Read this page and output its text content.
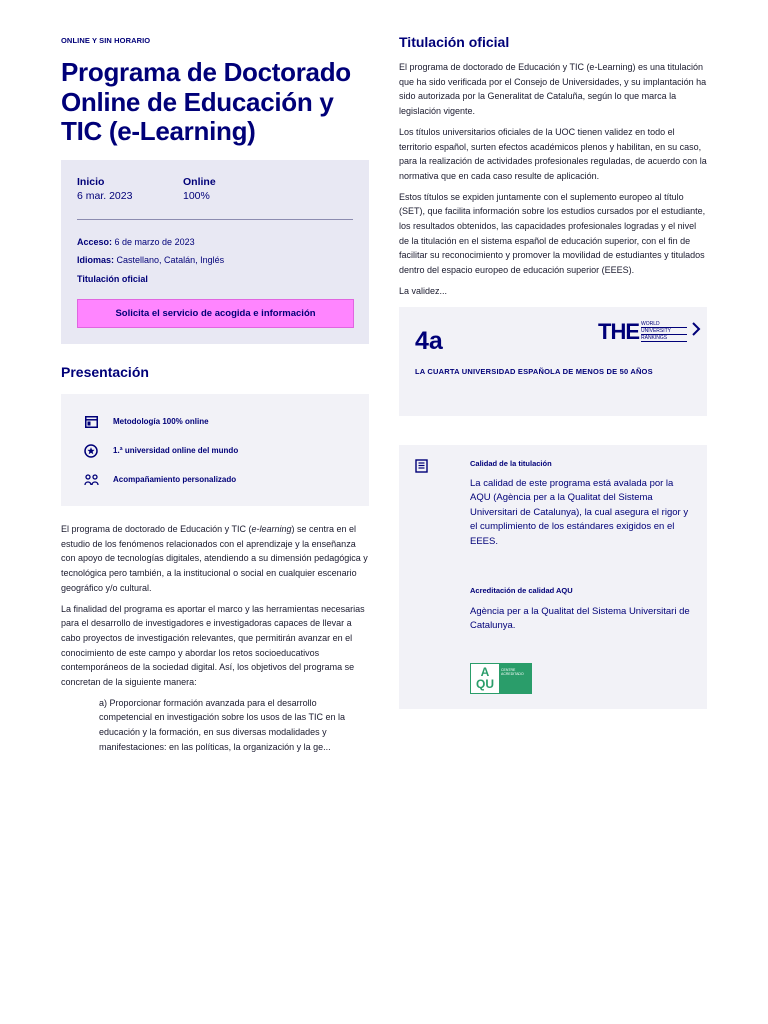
ONLINE Y SIN HORARIO
Programa de Doctorado Online de Educación y TIC (e-Learning)
Inicio
6 mar. 2023
Online
100%
Acceso: 6 de marzo de 2023
Idiomas: Castellano, Catalán, Inglés
Titulación oficial
Solicita el servicio de acogida e información
Presentación
Metodología 100% online
1.ª universidad online del mundo
Acompañamiento personalizado

El programa de doctorado de Educación y TIC (e-learning) se centra en el estudio de los fenómenos relacionados con el aprendizaje y la enseñanza con apoyo de tecnologías digitales, atendiendo a su dimensión pedagógica y tecnológica pero también, a la institucional o social en cualquier escenario geográfico y/o cultural.

La finalidad del programa es aportar el marco y las herramientas necesarias para el desarrollo de investigadores e investigadoras capaces de llevar a cabo proyectos de investigación relevantes, que permitirán avanzar en el conocimiento de este campo y abordar los retos socioeducativos contemporáneos de la sociedad digital. Así, los objetivos del programa se concretan de la siguiente manera:

a) Proporcionar formación avanzada para el desarrollo competencial en investigación sobre los usos de las TIC en la educación y la formación, en sus diversas modalidades y manifestaciones: en las políticas, la organización y la ge...

Titulación oficial

El programa de doctorado de Educación y TIC (e-Learning) es una titulación que ha sido verificada por el Consejo de Universidades, y su implantación ha sido autorizada por la Generalitat de Cataluña, según lo que marca la legislación vigente.

Los títulos universitarios oficiales de la UOC tienen validez en todo el territorio español, surten efectos académicos plenos y habilitan, en su caso, para la realización de actividades profesionales reguladas, de acuerdo con la normativa que en cada caso resulte de aplicación.

Estos títulos se expiden juntamente con el suplemento europeo al título (SET), que facilita información sobre los estudios cursados por el estudiante, los resultados obtenidos, las capacidades profesionales logradas y el nivel de la titulación en el sistema español de educación superior, con el fin de facilitar su reconocimiento y promover la movilidad de estudiantes y titulados dentro del espacio europeo de educación superior (EEES).

La validez...

4a
LA CUARTA UNIVERSIDAD ESPAÑOLA DE MENOS DE 50 AÑOS
THE WORLD
UNIVERSITY
RANKINGS
Calidad de la titulación
La calidad de este programa está avalada por la AQU (Agència per a la Qualitat del Sistema Universitari de Catalunya), la cual asegura el rigor y el cumplimiento de los estándares exigidos en el EEES.
Acreditación de calidad AQU
Agència per a la Qualitat del Sistema Universitari de Catalunya.
A
QU
CENTRE ACREDITADO
